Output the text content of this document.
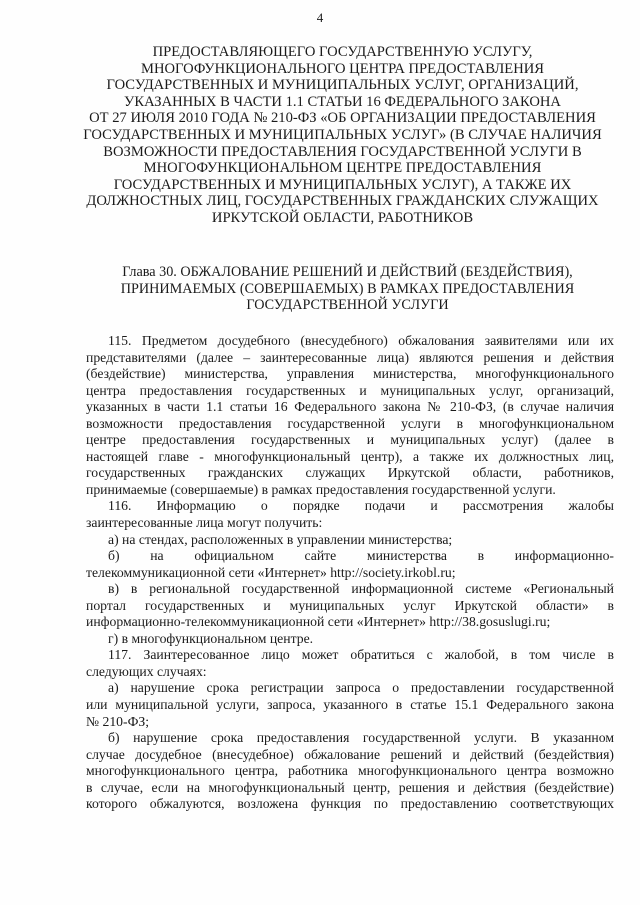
4
ПРЕДОСТАВЛЯЮЩЕГО ГОСУДАРСТВЕННУЮ УСЛУГУ,
МНОГОФУНКЦИОНАЛЬНОГО ЦЕНТРА ПРЕДОСТАВЛЕНИЯ
ГОСУДАРСТВЕННЫХ И МУНИЦИПАЛЬНЫХ УСЛУГ, ОРГАНИЗАЦИЙ,
УКАЗАННЫХ В ЧАСТИ 1.1 СТАТЬИ 16 ФЕДЕРАЛЬНОГО ЗАКОНА
ОТ 27 ИЮЛЯ 2010 ГОДА № 210-ФЗ «ОБ ОРГАНИЗАЦИИ ПРЕДОСТАВЛЕНИЯ
ГОСУДАРСТВЕННЫХ И МУНИЦИПАЛЬНЫХ УСЛУГ» (В СЛУЧАЕ НАЛИЧИЯ
ВОЗМОЖНОСТИ ПРЕДОСТАВЛЕНИЯ ГОСУДАРСТВЕННОЙ УСЛУГИ В
МНОГОФУНКЦИОНАЛЬНОМ ЦЕНТРЕ ПРЕДОСТАВЛЕНИЯ
ГОСУДАРСТВЕННЫХ И МУНИЦИПАЛЬНЫХ УСЛУГ), А ТАКЖЕ ИХ
ДОЛЖНОСТНЫХ ЛИЦ, ГОСУДАРСТВЕННЫХ ГРАЖДАНСКИХ СЛУЖАЩИХ
ИРКУТСКОЙ ОБЛАСТИ, РАБОТНИКОВ
Глава 30. ОБЖАЛОВАНИЕ РЕШЕНИЙ И ДЕЙСТВИЙ (БЕЗДЕЙСТВИЯ),
ПРИНИМАЕМЫХ (СОВЕРШАЕМЫХ) В РАМКАХ ПРЕДОСТАВЛЕНИЯ
ГОСУДАРСТВЕННОЙ УСЛУГИ
115. Предметом досудебного (внесудебного) обжалования заявителями или их
представителями (далее – заинтересованные лица) являются решения и действия
(бездействие) министерства, управления министерства, многофункционального
центра предоставления государственных и муниципальных услуг, организаций,
указанных в части 1.1 статьи 16 Федерального закона № 210-ФЗ, (в случае наличия
возможности предоставления государственной услуги в многофункциональном
центре предоставления государственных и муниципальных услуг) (далее в
настоящей главе - многофункциональный центр), а также их должностных лиц,
государственных гражданских служащих Иркутской области, работников,
принимаемые (совершаемые) в рамках предоставления государственной услуги.
116. Информацию о порядке подачи и рассмотрения жалобы
заинтересованные лица могут получить:
а) на стендах, расположенных в управлении министерства;
б) на официальном сайте министерства в информационно-
телекоммуникационной сети «Интернет» http://society.irkobl.ru;
в) в региональной государственной информационной системе «Региональный
портал государственных и муниципальных услуг Иркутской области» в
информационно-телекоммуникационной сети «Интернет» http://38.gosuslugi.ru;
г) в многофункциональном центре.
117. Заинтересованное лицо может обратиться с жалобой, в том числе в
следующих случаях:
а) нарушение срока регистрации запроса о предоставлении государственной
или муниципальной услуги, запроса, указанного в статье 15.1 Федерального закона
№ 210-ФЗ;
б) нарушение срока предоставления государственной услуги. В указанном
случае досудебное (внесудебное) обжалование решений и действий (бездействия)
многофункционального центра, работника многофункционального центра возможно
в случае, если на многофункциональный центр, решения и действия (бездействие)
которого обжалуются, возложена функция по предоставлению соответствующих
